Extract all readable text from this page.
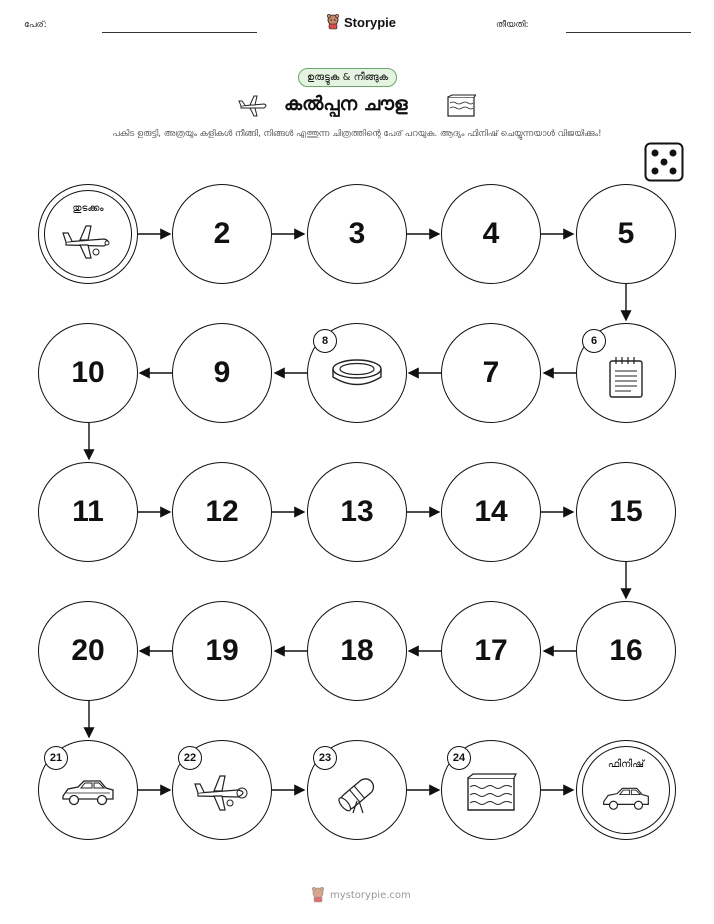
പേര്:	Storypie	തീയതി:
ഉരുട്ടുക & നീങ്ങുക
കൽപ്പന ചൗള
പകിട ഉരുട്ടി, അത്രയും കളികൾ നീങ്ങി, നിങ്ങൾ എത്തുന്ന ചിത്രത്തിന്റെ പേര് പറയുക. ആദ്യം ഫിനിഷ് ചെയ്യുന്നയാൾ വിജയിക്കും!
തുടക്കം
2	3	4	5
10	9
8
7
6
11	12	13	14	15
20	19	18	17	16
21	22	23	24
ഫിനിഷ്
mystorypie.com
